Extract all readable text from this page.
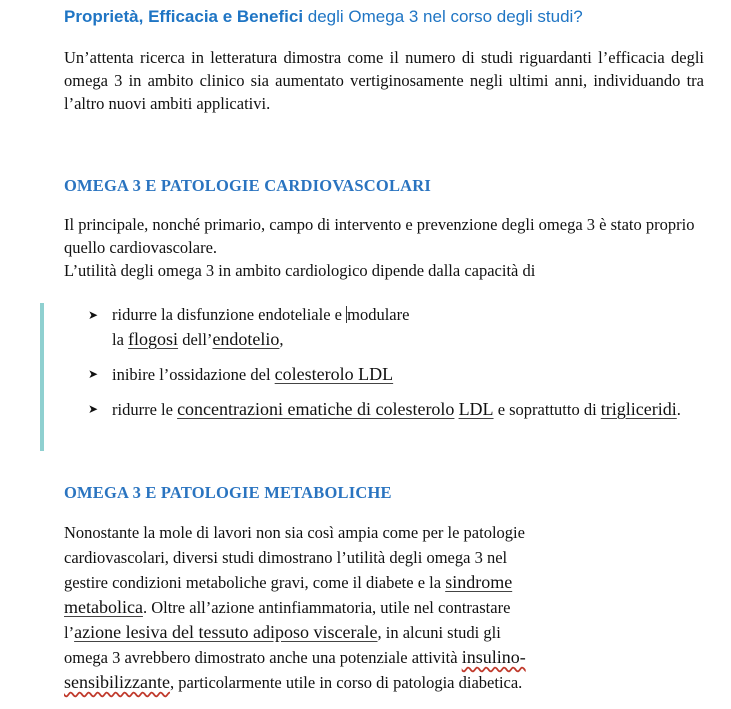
Proprietà, Efficacia e Benefici degli Omega 3 nel corso degli studi?
Un’attenta ricerca in letteratura dimostra come il numero di studi riguardanti l’efficacia degli omega 3 in ambito clinico sia aumentato vertiginosamente negli ultimi anni, individuando tra l’altro nuovi ambiti applicativi.
OMEGA 3 E PATOLOGIE CARDIOVASCOLARI
Il principale, nonché primario, campo di intervento e prevenzione degli omega 3 è stato proprio quello cardiovascolare.
L’utilità degli omega 3 in ambito cardiologico dipende dalla capacità di
➤ ridurre la disfunzione endoteliale e modulare
la flogosi dell’endotelio,
➤ inibire l’ossidazione del colesterolo LDL
➤ ridurre le concentrazioni ematiche di colesterolo LDL e soprattutto di trigliceridi.
OMEGA 3 E PATOLOGIE METABOLICHE
Nonostante la mole di lavori non sia così ampia come per le patologie
cardiovascolari, diversi studi dimostrano l’utilità degli omega 3 nel
gestire condizioni metaboliche gravi, come il diabete e la sindrome
metabolica. Oltre all’azione antinfiammatoria, utile nel contrastare
l’azione lesiva del tessuto adiposo viscerale, in alcuni studi gli
omega 3 avrebbero dimostrato anche una potenziale attività insulino-
sensibilizzante, particolarmente utile in corso di patologia diabetica.
